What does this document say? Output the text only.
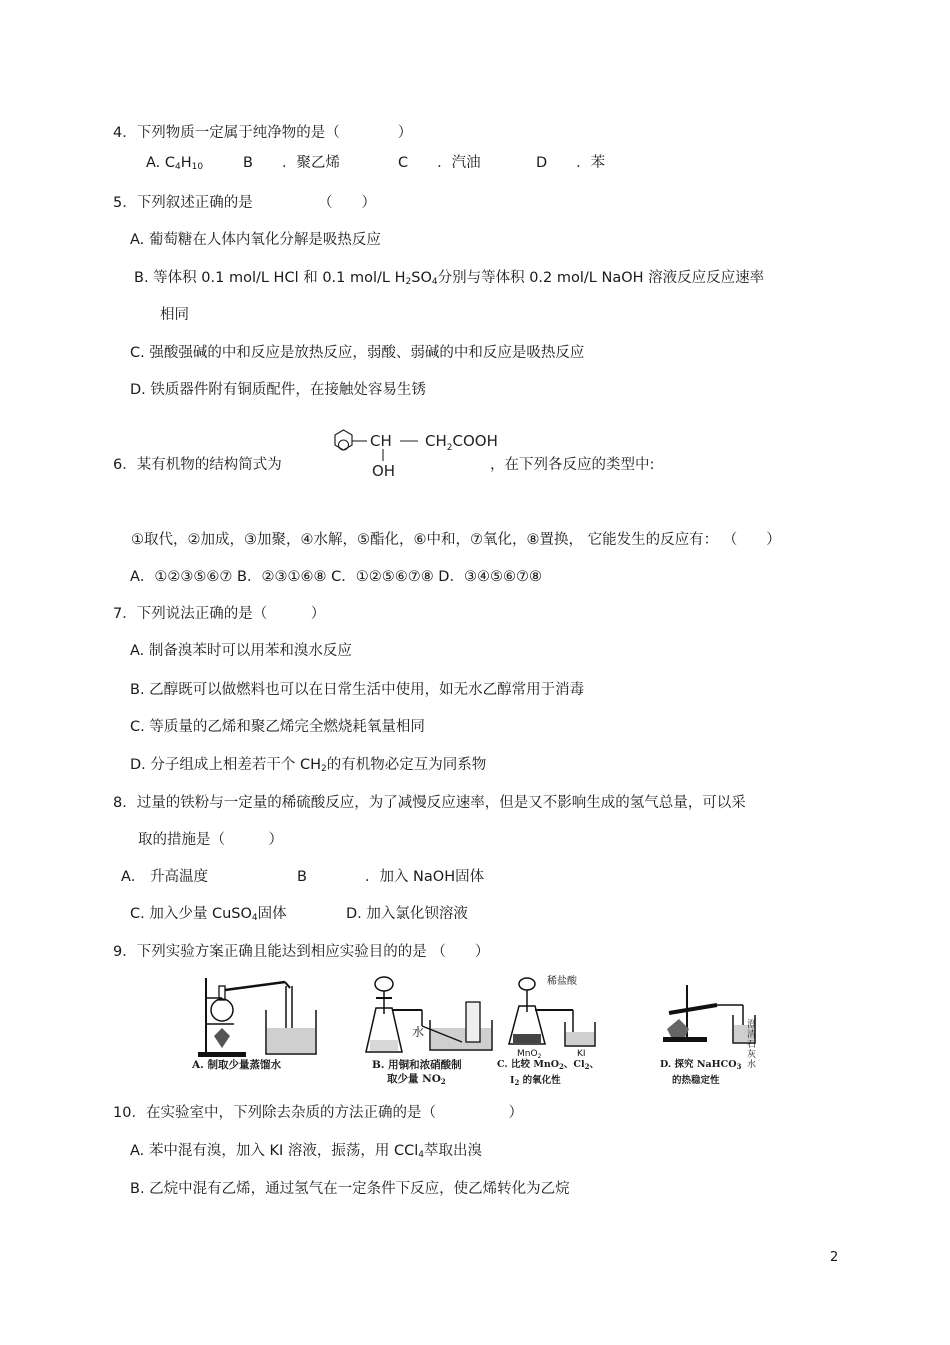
4．下列物质一定属于纯净物的是（　　　　）
A. $C_4H_{10}$	B　　．聚乙烯	C　　．汽油	D　　．苯
5．下列叙述正确的是　　　　　（　　）
A. 葡萄糖在人体内氧化分解是吸热反应
B. 等体积 0.1 mol/L HCl 和 0.1 mol/L $H_2SO_4$分别与等体积 0.2 mol/L NaOH 溶液反应反应速率
相同
C. 强酸强碱的中和反应是放热反应，弱酸、弱碱的中和反应是吸热反应
D. 铁质器件附有铜质配件，在接触处容易生锈
6．某有机物的结构简式为
CH $CH_2COOH$
OH	，在下列各反应的类型中:
①取代，②加成，③加聚，④水解，⑤酯化，⑥中和，⑦氧化，⑧置换， 它能发生的反应有： （　　）
A．①②③⑤⑥⑦ B．②③①⑥⑧ C．①②⑤⑥⑦⑧ D．③④⑤⑥⑦⑧
7．下列说法正确的是（　　　）
A. 制备溴苯时可以用苯和溴水反应
B. 乙醇既可以做燃料也可以在日常生活中使用，如无水乙醇常用于消毒
C. 等质量的乙烯和聚乙烯完全燃烧耗氧量相同
D. 分子组成上相差若干个 $CH_2$的有机物必定互为同系物
8．过量的铁粉与一定量的稀硫酸反应，为了减慢反应速率，但是又不影响生成的氢气总量，可以采
取的措施是（　　　）
A． 升高温度	B　　　　．加入 NaOH固体
C. 加入少量 CuSO$_4$固体	D. 加入氯化钡溶液
9．下列实验方案正确且能达到相应实验目的的是 （　　）
水
稀盐酸
MnO$_2$	KI
澄清石灰水
A. 制取少量蒸馏水	B. 用铜和浓硝酸制
取少量 $NO_2$
C. 比较 MnO$_2$、$Cl_2$、
$I_2$ 的氧化性
D. 探究 NaHCO$_3$
的热稳定性
10．在实验室中，下列除去杂质的方法正确的是（　　　　　）
A. 苯中混有溴，加入 KI 溶液，振荡，用 CCl$_4$萃取出溴
B. 乙烷中混有乙烯，通过氢气在一定条件下反应，使乙烯转化为乙烷
2
